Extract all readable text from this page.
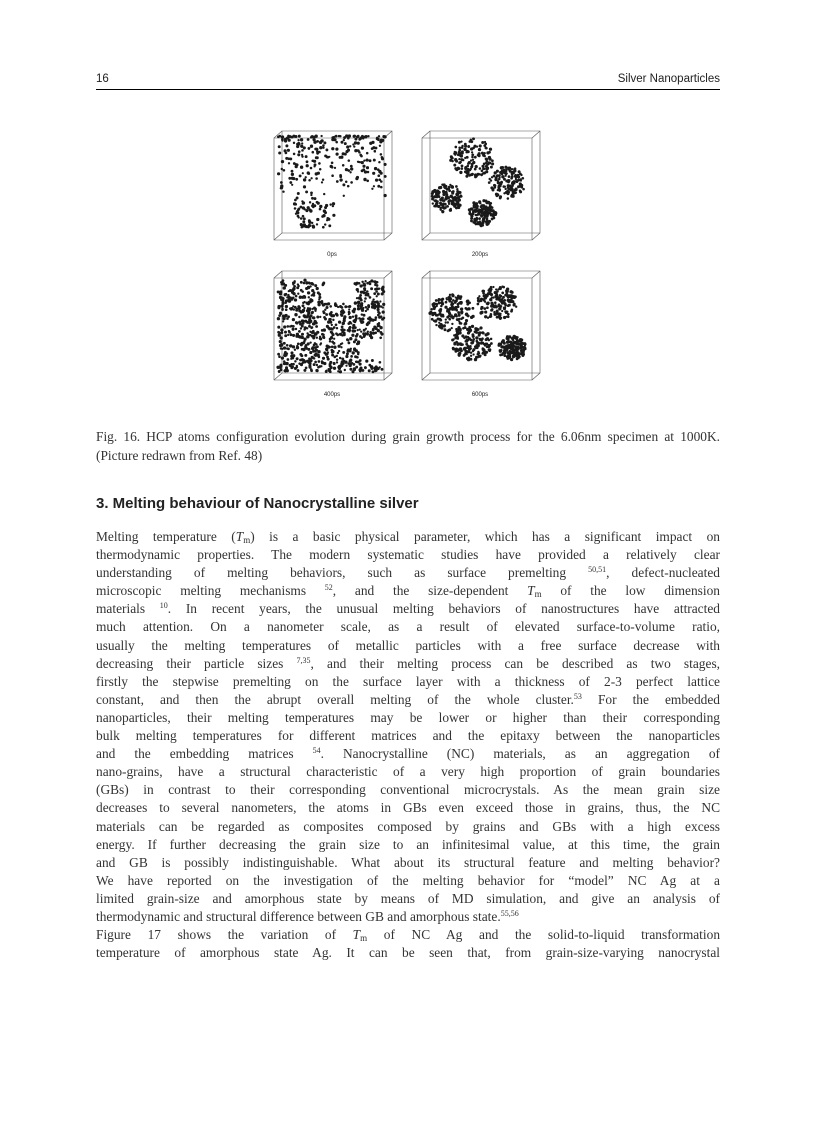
16	Silver Nanoparticles
0ps	200ps
400ps	600ps
Fig. 16. HCP atoms configuration evolution during grain growth process for the 6.06nm specimen at 1000K. (Picture redrawn from Ref. 48)
3. Melting behaviour of Nanocrystalline silver
Melting temperature $(T_m)$ is a basic physical parameter, which has a significant impact on
thermodynamic properties. The modern systematic studies have provided a relatively clear
understanding of melting behaviors, such as surface premelting $^{50,51}$, defect-nucleated
microscopic melting mechanisms $^{52}$, and the size-dependent $T_m$ of the low dimension
materials $^{10}$. In recent years, the unusual melting behaviors of nanostructures have attracted
much attention. On a nanometer scale, as a result of elevated surface-to-volume ratio,
usually the melting temperatures of metallic particles with a free surface decrease with
decreasing their particle sizes $^{7,35}$, and their melting process can be described as two stages,
firstly the stepwise premelting on the surface layer with a thickness of 2-3 perfect lattice
constant, and then the abrupt overall melting of the whole cluster.$^{53}$ For the embedded
nanoparticles, their melting temperatures may be lower or higher than their corresponding
bulk melting temperatures for different matrices and the epitaxy between the nanoparticles
and the embedding matrices $^{54}$. Nanocrystalline (NC) materials, as an aggregation of
nano-grains, have a structural characteristic of a very high proportion of grain boundaries
(GBs) in contrast to their corresponding conventional microcrystals. As the mean grain size
decreases to several nanometers, the atoms in GBs even exceed those in grains, thus, the NC
materials can be regarded as composites composed by grains and GBs with a high excess
energy. If further decreasing the grain size to an infinitesimal value, at this time, the grain
and GB is possibly indistinguishable. What about its structural feature and melting behavior?
We have reported on the investigation of the melting behavior for “model” NC Ag at a
limited grain-size and amorphous state by means of MD simulation, and give an analysis of
thermodynamic and structural difference between GB and amorphous state.$^{55,56}$
Figure 17 shows the variation of $T_m$ of NC Ag and the solid-to-liquid transformation
temperature of amorphous state Ag. It can be seen that, from grain-size-varying nanocrystal
